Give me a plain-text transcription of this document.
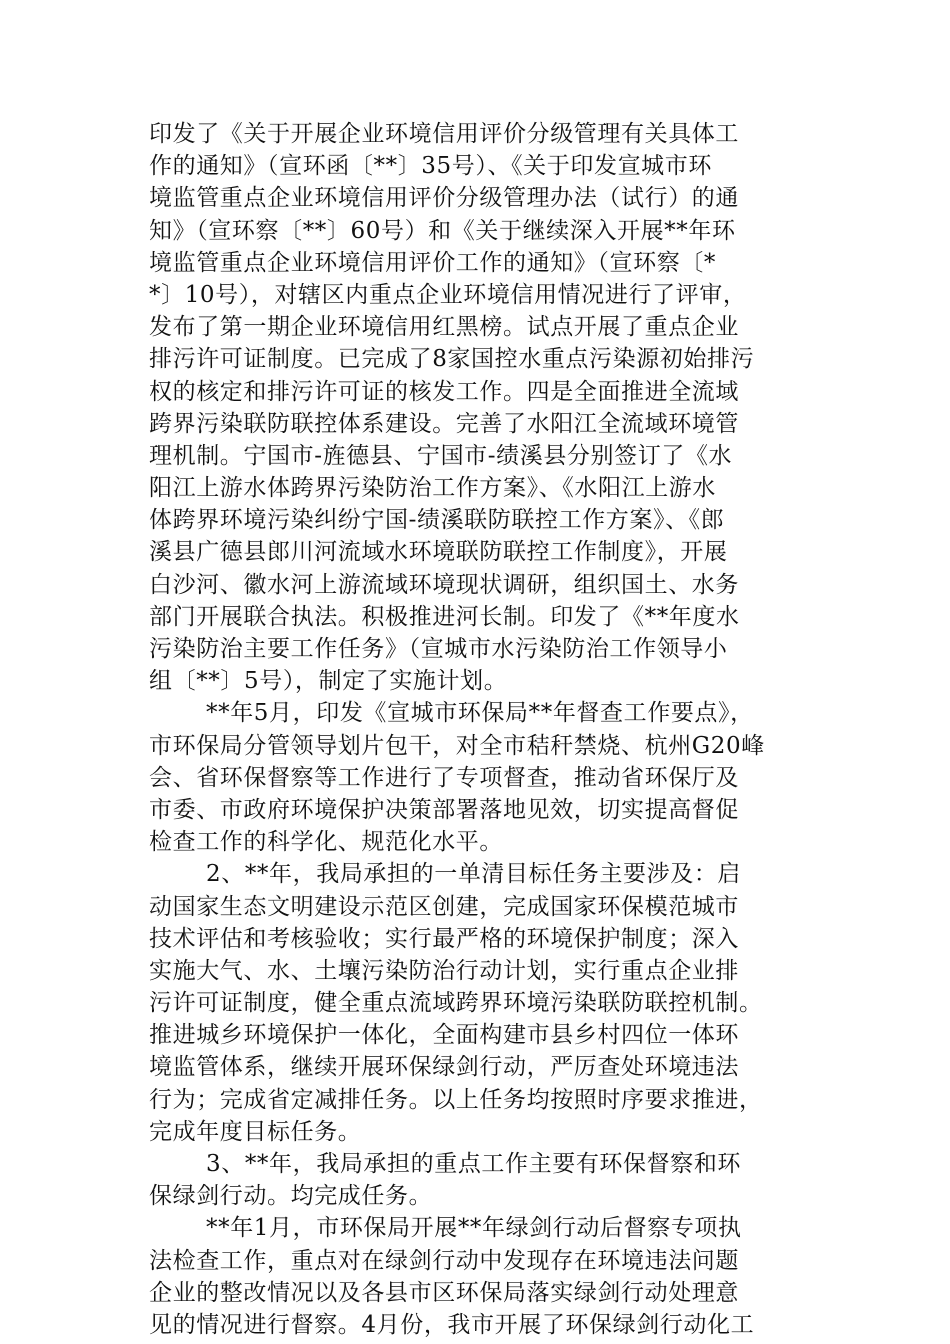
印发了《关于开展企业环境信用评价分级管理有关具体工
作的通知》（宣环函〔**〕35号）、《关于印发宣城市环
境监管重点企业环境信用评价分级管理办法（试行）的通
知》（宣环察〔**〕60号）和《关于继续深入开展**年环
境监管重点企业环境信用评价工作的通知》（宣环察〔*
*〕10号），对辖区内重点企业环境信用情况进行了评审，
发布了第一期企业环境信用红黑榜。试点开展了重点企业
排污许可证制度。已完成了8家国控水重点污染源初始排污
权的核定和排污许可证的核发工作。四是全面推进全流域
跨界污染联防联控体系建设。完善了水阳江全流域环境管
理机制。宁国市-旌德县、宁国市-绩溪县分别签订了《水
阳江上游水体跨界污染防治工作方案》、《水阳江上游水
体跨界环境污染纠纷宁国-绩溪联防联控工作方案》、《郎
溪县广德县郎川河流域水环境联防联控工作制度》，开展
白沙河、徽水河上游流域环境现状调研，组织国土、水务
部门开展联合执法。积极推进河长制。印发了《**年度水
污染防治主要工作任务》（宣城市水污染防治工作领导小
组〔**〕5号），制定了实施计划。
**年5月，印发《宣城市环保局**年督查工作要点》，
市环保局分管领导划片包干，对全市秸秆禁烧、杭州G20峰
会、省环保督察等工作进行了专项督查，推动省环保厅及
市委、市政府环境保护决策部署落地见效，切实提高督促
检查工作的科学化、规范化水平。
2、**年，我局承担的一单清目标任务主要涉及：启
动国家生态文明建设示范区创建，完成国家环保模范城市
技术评估和考核验收；实行最严格的环境保护制度；深入
实施大气、水、土壤污染防治行动计划，实行重点企业排
污许可证制度，健全重点流域跨界环境污染联防联控机制。
推进城乡环境保护一体化，全面构建市县乡村四位一体环
境监管体系，继续开展环保绿剑行动，严厉查处环境违法
行为；完成省定减排任务。以上任务均按照时序要求推进，
完成年度目标任务。
3、**年，我局承担的重点工作主要有环保督察和环
保绿剑行动。均完成任务。
**年1月，市环保局开展**年绿剑行动后督察专项执
法检查工作，重点对在绿剑行动中发现存在环境违法问题
企业的整改情况以及各县市区环保局落实绿剑行动处理意
见的情况进行督察。4月份，我市开展了环保绿剑行动化工
